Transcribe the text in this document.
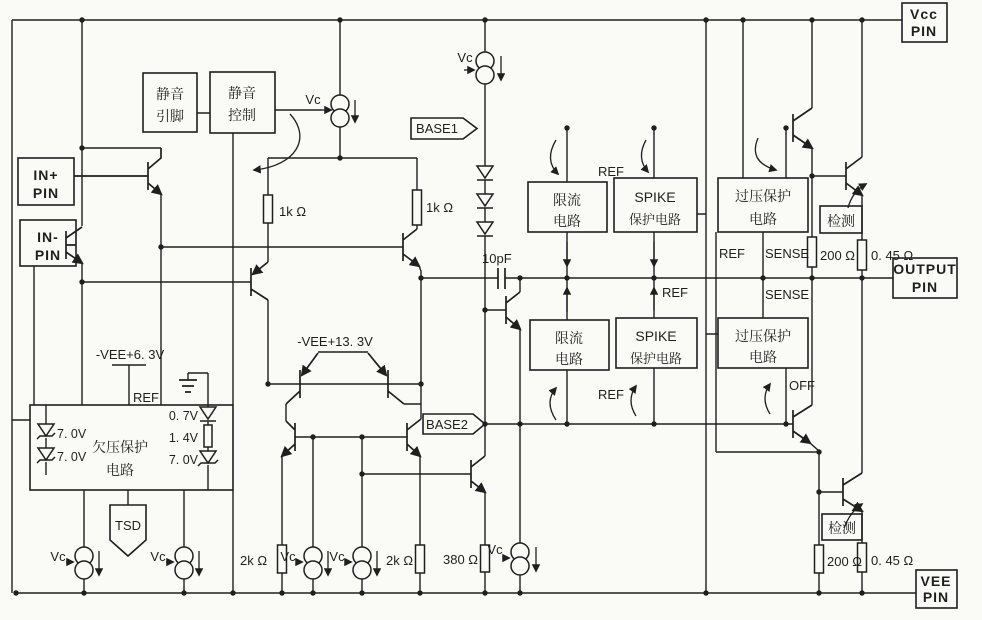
Vcc
PIN
VEE
PIN
IN+
PIN
IN-
PIN
OUTPUT
PIN
静音
引脚
静音
控制
BASE1
BASE2
限流
电路
限流
电路
SPIKE
保护电路
SPIKE
保护电路
过压保护
电路
过压保护
电路
检测
检测
欠压保护
电路
TSD
REF
REF
REF
REF
REF
SENSE
SENSE
OFF
Vc
Vc
Vc	Vc	Vc	Vc	Vc
1k Ω	1k Ω
2k Ω	2k Ω 380 Ω
200 Ω 0. 45 Ω
200 Ω 0. 45 Ω
10pF
-VEE+6. 3V
-VEE+13. 3V
0. 7V
1. 4V
7. 0V
7. 0V
7. 0V
